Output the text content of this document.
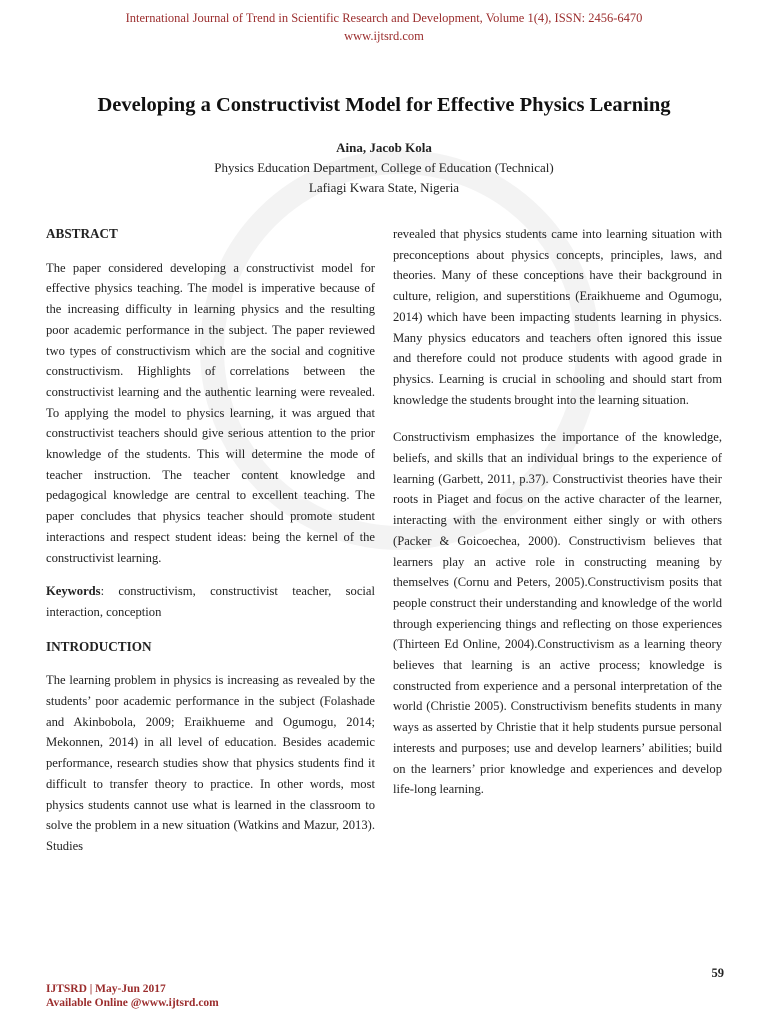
International Journal of Trend in Scientific Research and Development, Volume 1(4), ISSN: 2456-6470
www.ijtsrd.com
Developing a Constructivist Model for Effective Physics Learning
Aina, Jacob Kola
Physics Education Department, College of Education (Technical)
Lafiagi Kwara State, Nigeria

ABSTRACT

The paper considered developing a constructivist model for effective physics teaching. The model is imperative because of the increasing difficulty in learning physics and the resulting poor academic performance in the subject. The paper reviewed two types of constructivism which are the social and cognitive constructivism. Highlights of correlations between the constructivist learning and the authentic learning were revealed. To applying the model to physics learning, it was argued that constructivist teachers should give serious attention to the prior knowledge of the students. This will determine the mode of teacher instruction. The teacher content knowledge and pedagogical knowledge are central to excellent teaching. The paper concludes that physics teacher should promote student interactions and respect student ideas: being the kernel of the constructivist learning.

Keywords: constructivism, constructivist teacher, social interaction, conception

INTRODUCTION

The learning problem in physics is increasing as revealed by the students’ poor academic performance in the subject (Folashade and Akinbobola, 2009; Eraikhueme and Ogumogu, 2014; Mekonnen, 2014) in all level of education. Besides academic performance, research studies show that physics students find it difficult to transfer theory to practice. In other words, most physics students cannot use what is learned in the classroom to solve the problem in a new situation (Watkins and Mazur, 2013). Studies

revealed that physics students came into learning situation with preconceptions about physics concepts, principles, laws, and theories. Many of these conceptions have their background in culture, religion, and superstitions (Eraikhueme and Ogumogu, 2014) which have been impacting students learning in physics. Many physics educators and teachers often ignored this issue and therefore could not produce students with agood grade in physics. Learning is crucial in schooling and should start from knowledge the students brought into the learning situation.

Constructivism emphasizes the importance of the knowledge, beliefs, and skills that an individual brings to the experience of learning (Garbett, 2011, p.37). Constructivist theories have their roots in Piaget and focus on the active character of the learner, interacting with the environment either singly or with others (Packer & Goicoechea, 2000). Constructivism believes that learners play an active role in constructing meaning by themselves (Cornu and Peters, 2005).Constructivism posits that people construct their understanding and knowledge of the world through experiencing things and reflecting on those experiences (Thirteen Ed Online, 2004).Constructivism as a learning theory believes that learning is an active process; knowledge is constructed from experience and a personal interpretation of the world (Christie 2005). Constructivism benefits students in many ways as asserted by Christie that it help students pursue personal interests and purposes; use and develop learners’ abilities; build on the learners’ prior knowledge and experiences and develop life-long learning.

59
IJTSRD | May-Jun 2017
Available Online @www.ijtsrd.com
